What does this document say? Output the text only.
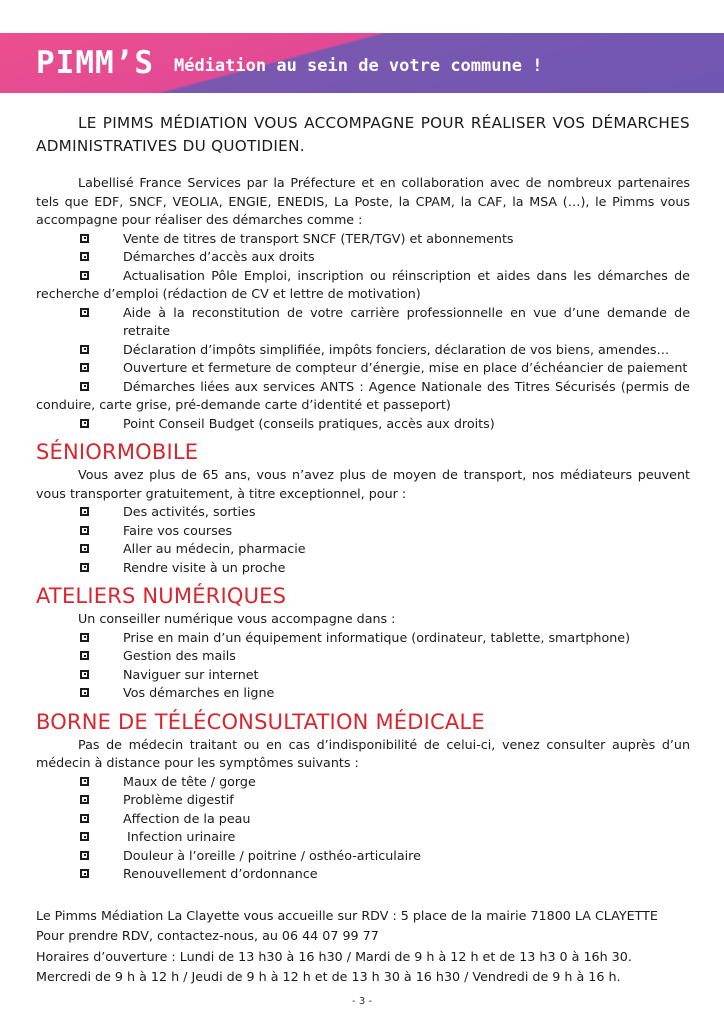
PIMM’S Médiation au sein de votre commune !

LE PIMMS MÉDIATION VOUS ACCOMPAGNE POUR RÉALISER VOS DÉMARCHES ADMINISTRATIVES DU QUOTIDIEN.

Labellisé France Services par la Préfecture et en collaboration avec de nombreux partenaires tels que EDF, SNCF, VEOLIA, ENGIE, ENEDIS, La Poste, la CPAM, la CAF, la MSA (…), le Pimms vous accompagne pour réaliser des démarches comme :

Vente de titres de transport SNCF (TER/TGV) et abonnements
Démarches d’accès aux droits
Actualisation Pôle Emploi, inscription ou réinscription et aides dans les démarches de recherche d’emploi (rédaction de CV et lettre de motivation)
Aide à la reconstitution de votre carrière professionnelle en vue d’une demande de retraite
Déclaration d’impôts simplifiée, impôts fonciers, déclaration de vos biens, amendes…
Ouverture et fermeture de compteur d’énergie, mise en place d’échéancier de paiement
Démarches liées aux services ANTS : Agence Nationale des Titres Sécurisés (permis de conduire, carte grise, pré-demande carte d’identité et passeport)
Point Conseil Budget (conseils pratiques, accès aux droits)
SÉNIORMOBILE

Vous avez plus de 65 ans, vous n’avez plus de moyen de transport, nos médiateurs peuvent vous transporter gratuitement, à titre exceptionnel, pour :

Des activités, sorties
Faire vos courses
Aller au médecin, pharmacie
Rendre visite à un proche
ATELIERS NUMÉRIQUES

Un conseiller numérique vous accompagne dans :

Prise en main d’un équipement informatique (ordinateur, tablette, smartphone)
Gestion des mails
Naviguer sur internet
Vos démarches en ligne
BORNE DE TÉLÉCONSULTATION MÉDICALE

Pas de médecin traitant ou en cas d’indisponibilité de celui-ci, venez consulter auprès d’un médecin à distance pour les symptômes suivants :

Maux de tête / gorge
Problème digestif
Affection de la peau
Infection urinaire
Douleur à l’oreille / poitrine / osthéo-articulaire
Renouvellement d’ordonnance
Le Pimms Médiation La Clayette vous accueille sur RDV : 5 place de la mairie 71800 LA CLAYETTE
Pour prendre RDV, contactez-nous, au 06 44 07 99 77
Horaires d’ouverture : Lundi de 13 h30 à 16 h30 / Mardi de 9 h à 12 h et de 13 h3 0 à 16h 30.
Mercredi de 9 h à 12 h / Jeudi de 9 h à 12 h et de 13 h 30 à 16 h30 / Vendredi de 9 h à 16 h.
- 3 -
